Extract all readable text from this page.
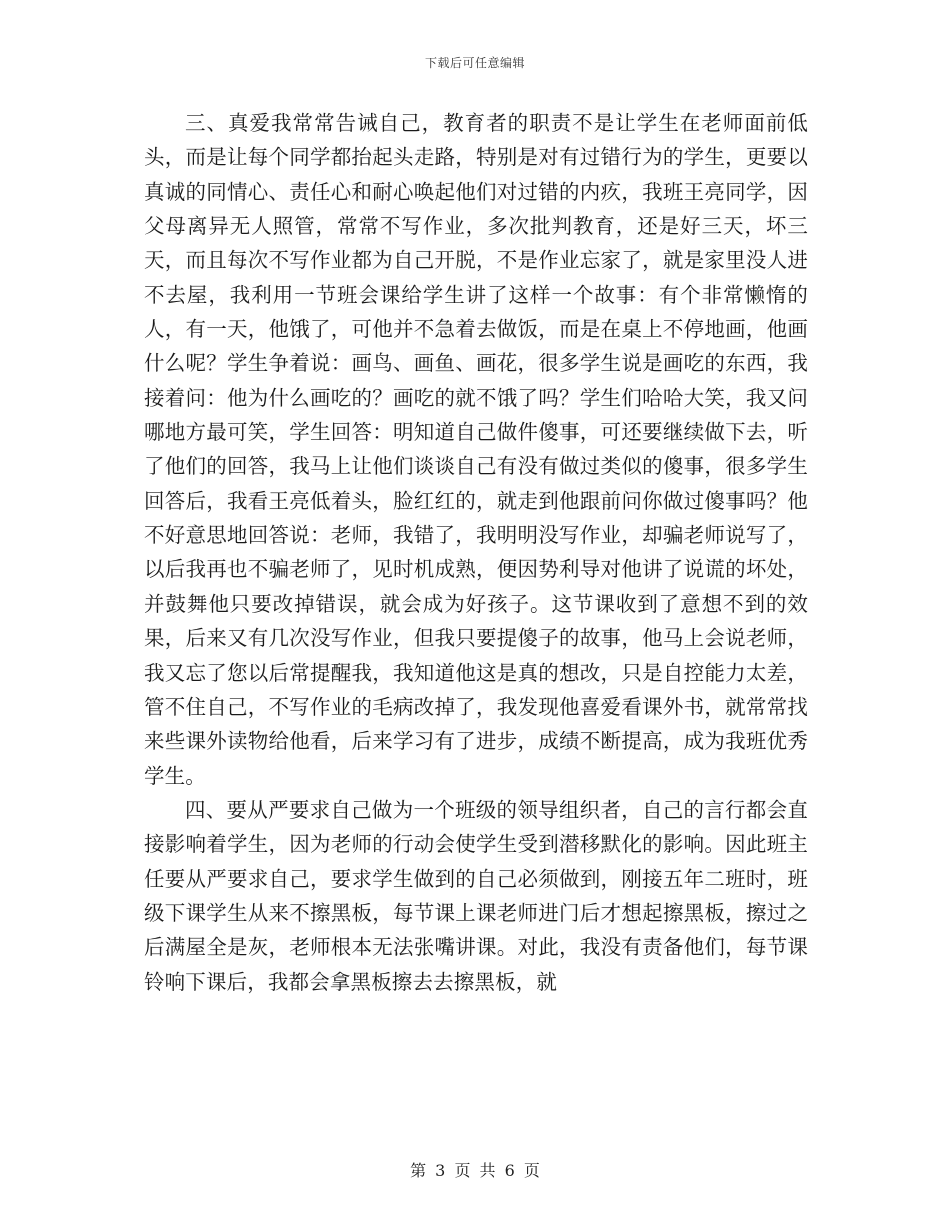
下载后可任意编辑

三、真爱我常常告诫自己，教育者的职责不是让学生在老师面前低头，而是让每个同学都抬起头走路，特别是对有过错行为的学生，更要以真诚的同情心、责任心和耐心唤起他们对过错的内疚，我班王亮同学，因父母离异无人照管，常常不写作业，多次批判教育，还是好三天，坏三天，而且每次不写作业都为自己开脱，不是作业忘家了，就是家里没人进不去屋，我利用一节班会课给学生讲了这样一个故事：有个非常懒惰的人，有一天，他饿了，可他并不急着去做饭，而是在桌上不停地画，他画什么呢？学生争着说：画鸟、画鱼、画花，很多学生说是画吃的东西，我接着问：他为什么画吃的？画吃的就不饿了吗？学生们哈哈大笑，我又问哪地方最可笑，学生回答：明知道自己做件傻事，可还要继续做下去，听了他们的回答，我马上让他们谈谈自己有没有做过类似的傻事，很多学生回答后，我看王亮低着头，脸红红的，就走到他跟前问你做过傻事吗？他不好意思地回答说：老师，我错了，我明明没写作业，却骗老师说写了，以后我再也不骗老师了，见时机成熟，便因势利导对他讲了说谎的坏处，并鼓舞他只要改掉错误，就会成为好孩子。这节课收到了意想不到的效果，后来又有几次没写作业，但我只要提傻子的故事，他马上会说老师，我又忘了您以后常提醒我，我知道他这是真的想改，只是自控能力太差，管不住自己，不写作业的毛病改掉了，我发现他喜爱看课外书，就常常找来些课外读物给他看，后来学习有了进步，成绩不断提高，成为我班优秀学生。

四、要从严要求自己做为一个班级的领导组织者，自己的言行都会直接影响着学生，因为老师的行动会使学生受到潜移默化的影响。因此班主任要从严要求自己，要求学生做到的自己必须做到，刚接五年二班时，班级下课学生从来不擦黑板，每节课上课老师进门后才想起擦黑板，擦过之后满屋全是灰，老师根本无法张嘴讲课。对此，我没有责备他们，每节课铃响下课后，我都会拿黑板擦去去擦黑板，就

第 3 页 共 6 页
